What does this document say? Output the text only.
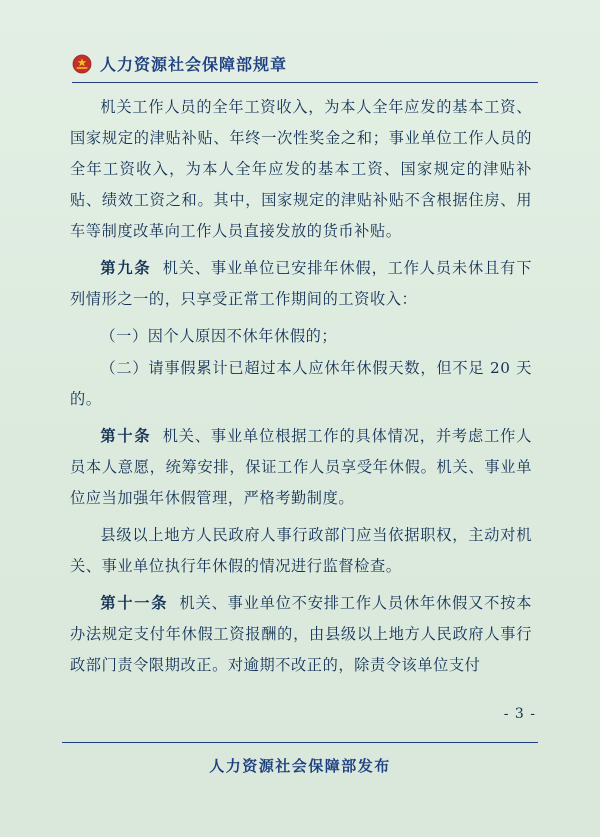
人力资源社会保障部规章

机关工作人员的全年工资收入，为本人全年应发的基本工资、国家规定的津贴补贴、年终一次性奖金之和；事业单位工作人员的全年工资收入，为本人全年应发的基本工资、国家规定的津贴补贴、绩效工资之和。其中，国家规定的津贴补贴不含根据住房、用车等制度改革向工作人员直接发放的货币补贴。

第九条 机关、事业单位已安排年休假，工作人员未休且有下列情形之一的，只享受正常工作期间的工资收入：

（一）因个人原因不休年休假的；

（二）请事假累计已超过本人应休年休假天数，但不足 20 天的。

第十条 机关、事业单位根据工作的具体情况，并考虑工作人员本人意愿，统筹安排，保证工作人员享受年休假。机关、事业单位应当加强年休假管理，严格考勤制度。

县级以上地方人民政府人事行政部门应当依据职权，主动对机关、事业单位执行年休假的情况进行监督检查。

第十一条 机关、事业单位不安排工作人员休年休假又不按本办法规定支付年休假工资报酬的，由县级以上地方人民政府人事行政部门责令限期改正。对逾期不改正的，除责令该单位支付

- 3 -
人力资源社会保障部发布
